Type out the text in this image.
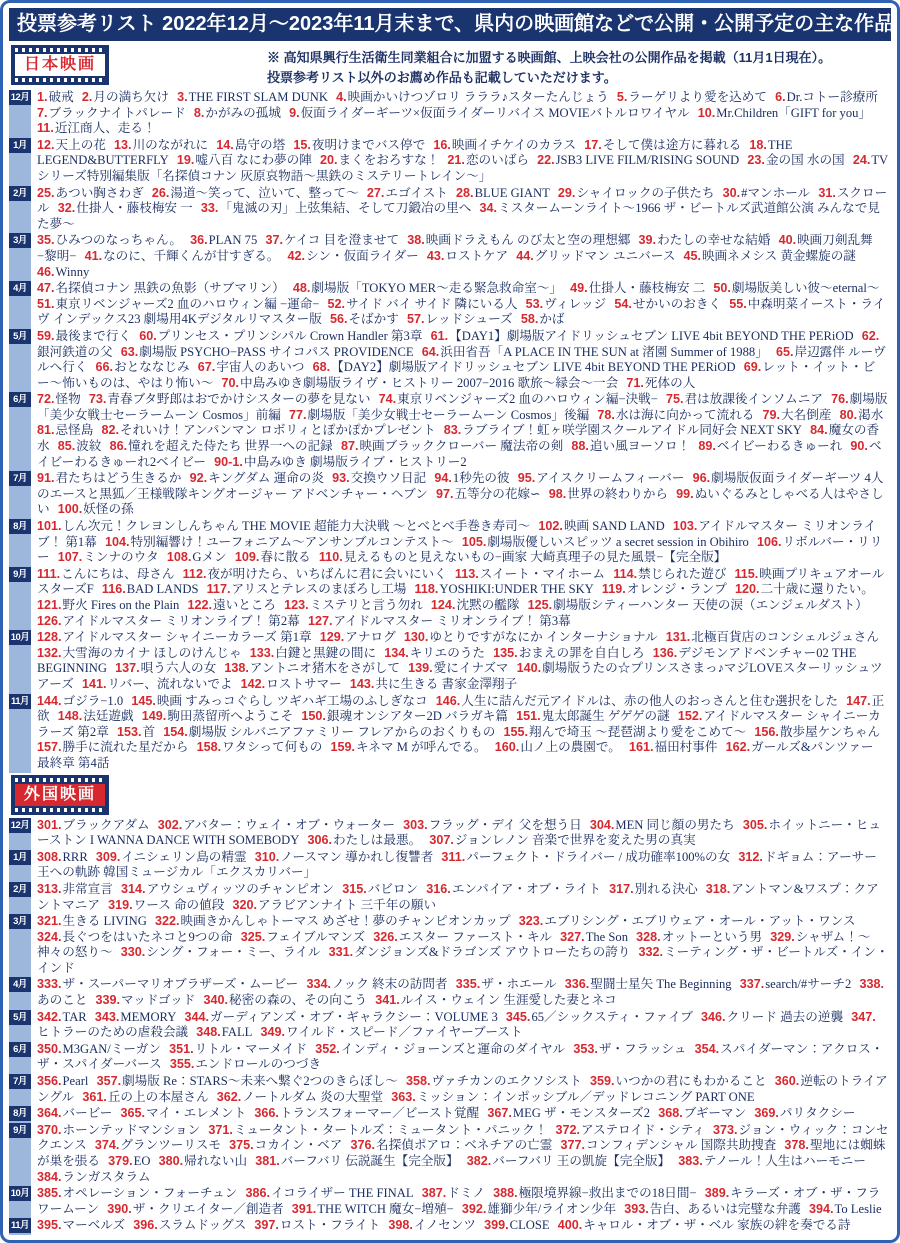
投票参考リスト 2022年12月〜2023年11月末まで、県内の映画館などで公開・公開予定の主な作品
日本映画	※ 高知県興行生活衛生同業組合に加盟する映画館、上映会社の公開作品を掲載（11月1日現在）。
投票参考リスト以外のお薦め作品も記載していただけます。
12月 1.破戒 2.月の満ち欠け 3.THE FIRST SLAM DUNK 4.映画かいけつゾロリ ラララ♪スターたんじょう 5.ラーゲリより愛を込めて 6.Dr.コトー診療所 7.ブラックナイトパレード 8.かがみの孤城 9.仮面ライダーギーツ×仮面ライダーリバイス MOVIEバトルロワイヤル 10.Mr.Children「GIFT for you」 11.近江商人、走る！
1月 12.天上の花 13.川のながれに 14.島守の塔 15.夜明けまでバス停で 16.映画イチケイのカラス 17.そして僕は途方に暮れる 18.THE LEGEND&BUTTERFLY 19.嘘八百 なにわ夢の陣 20.まくをおろすな！ 21.恋のいばら 22.JSB3 LIVE FILM/RISING SOUND 23.金の国 水の国 24.TVシリーズ特別編集版「名探偵コナン 灰原哀物語〜黒鉄のミステリートレイン〜」
2月 25.あつい胸さわぎ 26.湯道〜笑って、泣いて、整って〜 27.エゴイスト 28.BLUE GIANT 29.シャイロックの子供たち 30.#マンホール 31.スクロール 32.仕掛人・藤枝梅安 一 33.「鬼滅の刃」上弦集結、そして刀鍛冶の里へ 34.ミスタームーンライト〜1966 ザ・ビートルズ武道館公演 みんなで見た夢〜
3月 35.ひみつのなっちゃん。 36.PLAN 75 37.ケイコ 目を澄ませて 38.映画ドラえもん のび太と空の理想郷 39.わたしの幸せな結婚 40.映画刀剣乱舞−黎明− 41.なのに、千輝くんが甘すぎる。 42.シン・仮面ライダー 43.ロストケア 44.グリッドマン ユニバース 45.映画ネメシス 黄金螺旋の謎 46.Winny
4月 47.名探偵コナン 黒鉄の魚影（サブマリン） 48.劇場版「TOKYO MER〜走る緊急救命室〜」 49.仕掛人・藤枝梅安 二 50.劇場版美しい彼〜eternal〜 51.東京リベンジャーズ2 血のハロウィン編 −運命− 52.サイド バイ サイド 隣にいる人 53.ヴィレッジ 54.せかいのおきく 55.中森明菜イースト・ライヴ インデックス23 劇場用4Kデジタルリマスター版 56.そばかす 57.レッドシューズ 58.かば
5月 59.最後まで行く 60.プリンセス・プリンシパル Crown Handler 第3章 61.【DAY1】劇場版アイドリッシュセブン LIVE 4bit BEYOND THE PERiOD 62.銀河鉄道の父 63.劇場版 PSYCHO−PASS サイコパス PROVIDENCE 64.浜田省吾「A PLACE IN THE SUN at 渚園 Summer of 1988」 65.岸辺露伴 ルーヴルへ行く 66.おとななじみ 67.宇宙人のあいつ 68.【DAY2】劇場版アイドリッシュセブン LIVE 4bit BEYOND THE PERiOD 69.レット・イット・ビー〜怖いものは、やはり怖い〜 70.中島みゆき劇場版ライヴ・ヒストリー 2007−2016 歌旅〜縁会〜一会 71.死体の人
6月 72.怪物 73.青春ブタ野郎はおでかけシスターの夢を見ない 74.東京リベンジャーズ2 血のハロウィン編−決戦− 75.君は放課後インソムニア 76.劇場版「美少女戦士セーラームーン Cosmos」前編 77.劇場版「美少女戦士セーラームーン Cosmos」後編 78.水は海に向かって流れる 79.大名倒産 80.渇水 81.忌怪島 82.それいけ！アンパンマン ロボリィとぽかぽかプレゼント 83.ラブライブ！虹ヶ咲学園スクールアイドル同好会 NEXT SKY 84.魔女の香水 85.波紋 86.憧れを超えた侍たち 世界一への記録 87.映画ブラッククローバー 魔法帝の剣 88.追い風ヨーソロ！ 89.ベイビーわるきゅーれ 90.ベイビーわるきゅーれ2ベイビー 90-1.中島みゆき 劇場版ライブ・ヒストリー2
7月 91.君たちはどう生きるか 92.キングダム 運命の炎 93.交換ウソ日記 94.1秒先の彼 95.アイスクリームフィーバー 96.劇場版仮面ライダーギーツ 4人のエースと黒狐／王様戦隊キングオージャー アドベンチャー・ヘブン 97.五等分の花嫁∽ 98.世界の終わりから 99.ぬいぐるみとしゃべる人はやさしい 100.妖怪の孫
8月 101.しん次元！クレヨンしんちゃん THE MOVIE 超能力大決戦 〜とべとべ手巻き寿司〜 102.映画 SAND LAND 103.アイドルマスター ミリオンライブ！ 第1幕 104.特別編響け！ユーフォニアム〜アンサンブルコンテスト〜 105.劇場版優しいスピッツ a secret session in Obihiro 106.リボルバー・リリー 107.ミンナのウタ 108.Gメン 109.春に散る 110.見えるものと見えないもの−画家 大崎真理子の見た風景−【完全版】
9月 111.こんにちは、母さん 112.夜が明けたら、いちばんに君に会いにいく 113.スイート・マイホーム 114.禁じられた遊び 115.映画プリキュアオールスターズF 116.BAD LANDS 117.アリスとテレスのまぼろし工場 118.YOSHIKI:UNDER THE SKY 119.オレンジ・ランプ 120.二十歳に還りたい。 121.野火 Fires on the Plain 122.遠いところ 123.ミステリと言う勿れ 124.沈黙の艦隊 125.劇場版シティーハンター 天使の涙（エンジェルダスト） 126.アイドルマスター ミリオンライブ！ 第2幕 127.アイドルマスター ミリオンライブ！ 第3幕
10月 128.アイドルマスター シャイニーカラーズ 第1章 129.アナログ 130.ゆとりですがなにか インターナショナル 131.北極百貨店のコンシェルジュさん 132.大雪海のカイナ ほしのけんじゃ 133.白鍵と黒鍵の間に 134.キリエのうた 135.おまえの罪を自白しろ 136.デジモンアドベンチャー02 THE BEGINNING 137.唄う六人の女 138.アントニオ猪木をさがして 139.愛にイナズマ 140.劇場版うたの☆プリンスさまっ♪マジLOVEスターリッシュツアーズ 141.リバー、流れないでよ 142.ロストサマー 143.共に生きる 書家金澤翔子
11月 144.ゴジラ−1.0 145.映画 すみっコぐらし ツギハギ工場のふしぎなコ 146.人生に詰んだ元アイドルは、赤の他人のおっさんと住む選択をした 147.正欲 148.法廷遊戯 149.駒田蒸留所へようこそ 150.銀魂オンシアター2D バラガキ篇 151.鬼太郎誕生 ゲゲゲの謎 152.アイドルマスター シャイニーカラーズ 第2章 153.首 154.劇場版 シルバニアファミリー フレアからのおくりもの 155.翔んで埼玉 〜琵琶湖より愛をこめて〜 156.散歩屋ケンちゃん 157.勝手に流れた星だから 158.ワタシって何もの 159.キネマ M が呼んでる。 160.山ノ上の農園で。 161.福田村事件 162.ガールズ&パンツァー 最終章 第4話
外国映画
12月 301.ブラックアダム 302.アバター：ウェイ・オブ・ウォーター 303.フラッグ・デイ 父を想う日 304.MEN 同じ顔の男たち 305.ホイットニー・ヒューストン I WANNA DANCE WITH SOMEBODY 306.わたしは最悪。 307.ジョンレノン 音楽で世界を変えた男の真実
1月 308.RRR 309.イニシェリン島の精霊 310.ノースマン 導かれし復讐者 311.パーフェクト・ドライバー / 成功確率100%の女 312.ドギョム：アーサー王への軌跡 韓国ミュージカル「エクスカリバー」
2月 313.非常宣言 314.アウシュヴィッツのチャンピオン 315.バビロン 316.エンパイア・オブ・ライト 317.別れる決心 318.アントマン&ワスプ：クアントマニア 319.ワース 命の値段 320.アラビアンナイト 三千年の願い
3月 321.生きる LIVING 322.映画きかんしゃトーマス めざせ！夢のチャンピオンカップ 323.エブリシング・エブリウェア・オール・アット・ワンス 324.長ぐつをはいたネコと9つの命 325.フェイブルマンズ 326.エスター ファースト・キル 327.The Son 328.オットーという男 329.シャザム！〜神々の怒り〜 330.シング・フォー・ミー、ライル 331.ダンジョンズ&ドラゴンズ アウトローたちの誇り 332.ミーティング・ザ・ビートルズ・イン・インド
4月 333.ザ・スーパーマリオブラザーズ・ムービー 334.ノック 終末の訪問者 335.ザ・ホエール 336.聖闘士星矢 The Beginning 337.search/#サーチ2 338.あのこと 339.マッドゴッド 340.秘密の森の、その向こう 341.ルイス・ウェイン 生涯愛した妻とネコ
5月 342.TAR 343.MEMORY 344.ガーディアンズ・オブ・ギャラクシー：VOLUME 3 345.65／シックスティ・ファイブ 346.クリード 過去の逆襲 347.ヒトラーのための虐殺会議 348.FALL 349.ワイルド・スピード／ファイヤーブースト
6月 350.M3GAN/ミーガン 351.リトル・マーメイド 352.インディ・ジョーンズと運命のダイヤル 353.ザ・フラッシュ 354.スパイダーマン：アクロス・ザ・スパイダーバース 355.エンドロールのつづき
7月 356.Pearl 357.劇場版 Re：STARS〜未来へ繋ぐ2つのきらぼし〜 358.ヴァチカンのエクソシスト 359.いつかの君にもわかること 360.逆転のトライアングル 361.丘の上の本屋さん 362.ノートルダム 炎の大聖堂 363.ミッション：インポッシブル／デッドレコニング PART ONE
8月 364.バービー 365.マイ・エレメント 366.トランスフォーマー／ビースト覚醒 367.MEG ザ・モンスターズ2 368.ブギーマン 369.パリタクシー
9月 370.ホーンテッドマンション 371.ミュータント・タートルズ：ミュータント・パニック！ 372.アステロイド・シティ 373.ジョン・ウィック：コンセクエンス 374.グランツーリスモ 375.コカイン・ベア 376.名探偵ポアロ：ベネチアの亡霊 377.コンフィデンシャル 国際共助捜査 378.聖地には蜘蛛が巣を張る 379.EO 380.帰れない山 381.バーフバリ 伝説誕生【完全版】 382.バーフバリ 王の凱旋【完全版】 383.テノール！人生はハーモニー 384.ランガスタラム
10月 385.オペレーション・フォーチュン 386.イコライザー THE FINAL 387.ドミノ 388.極限境界線−救出までの18日間− 389.キラーズ・オブ・ザ・フラワームーン 390.ザ・クリエイター／創造者 391.THE WITCH 魔女−増殖− 392.雄獅少年/ライオン少年 393.告白、あるいは完璧な弁護 394.To Leslie
11月 395.マーベルズ 396.スラムドッグス 397.ロスト・フライト 398.イノセンツ 399.CLOSE 400.キャロル・オブ・ザ・ベル 家族の絆を奏でる詩
